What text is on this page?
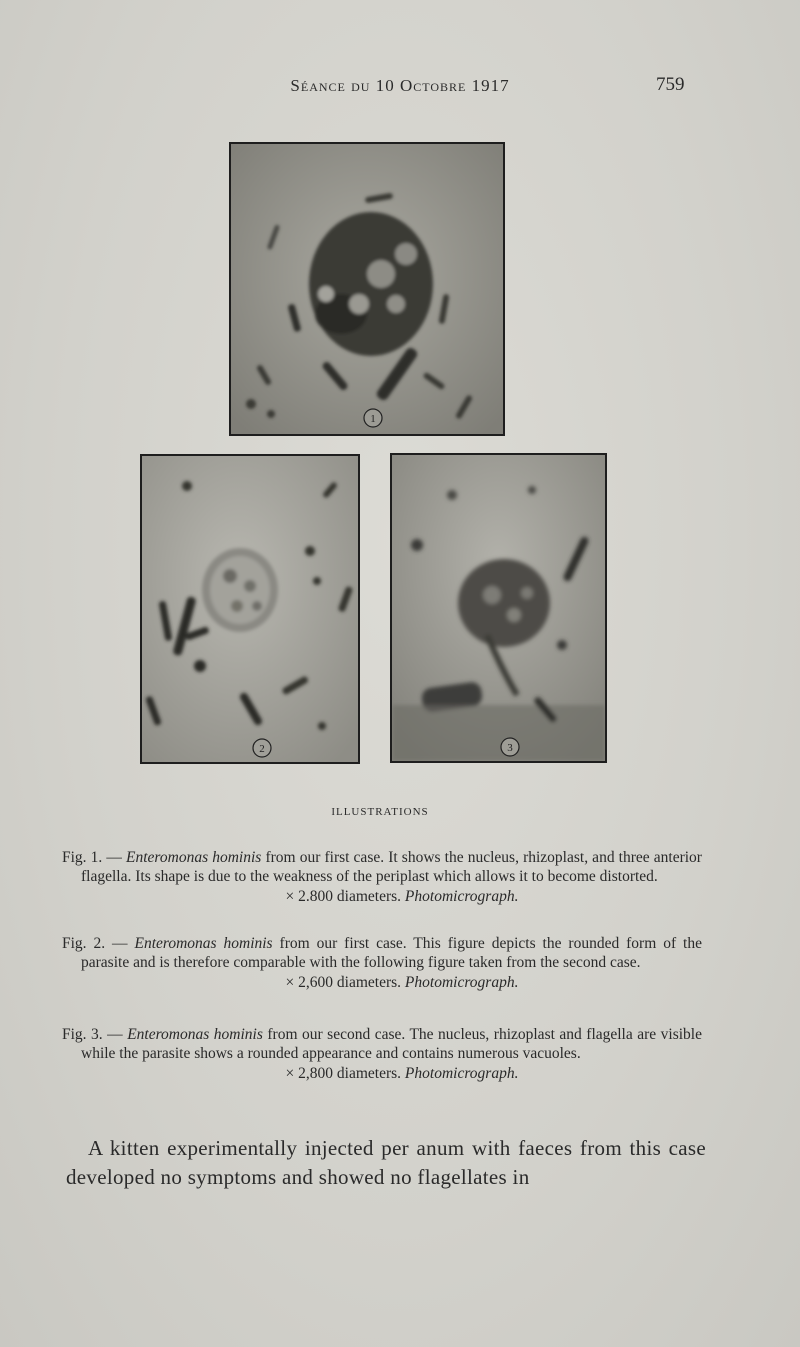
Séance du 10 Octobre 1917	759
1
2	3
ILLUSTRATIONS
Fig. 1. — Enteromonas hominis from our first case. It shows the nucleus, rhizoplast, and three anterior flagella. Its shape is due to the weakness of the periplast which allows it to become distorted.
× 2.800 diameters. Photomicrograph.
Fig. 2. — Enteromonas hominis from our first case. This figure depicts the rounded form of the parasite and is therefore comparable with the following figure taken from the second case.
× 2,600 diameters. Photomicrograph.
Fig. 3. — Enteromonas hominis from our second case. The nucleus, rhizoplast and flagella are visible while the parasite shows a rounded appearance and contains numerous vacuoles.
× 2,800 diameters. Photomicrograph.
A kitten experimentally injected per anum with faeces from this case developed no symptoms and showed no flagellates in
